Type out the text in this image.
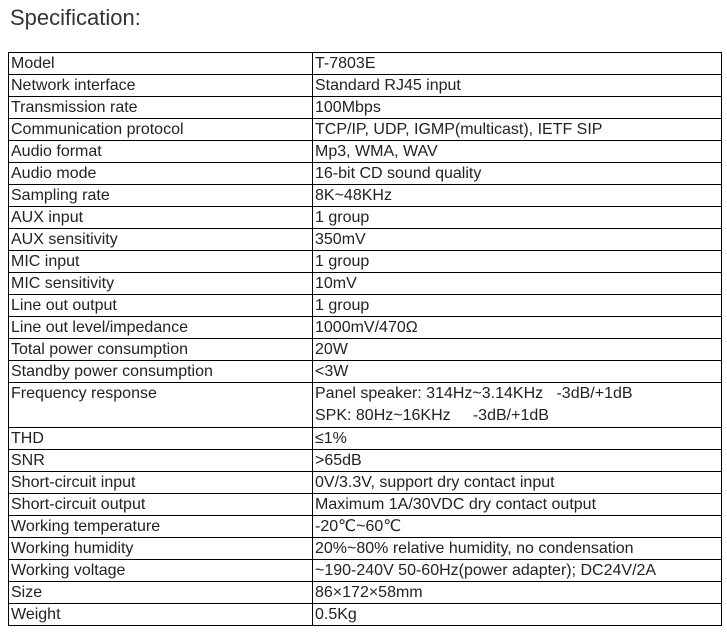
Specification:
Model	T-7803E
Network interface	Standard RJ45 input
Transmission rate	100Mbps
Communication protocol	TCP/IP, UDP, IGMP(multicast), IETF SIP
Audio format	Mp3, WMA, WAV
Audio mode	16-bit CD sound quality
Sampling rate	8K~48KHz
AUX input	1 group
AUX sensitivity	350mV
MIC input	1 group
MIC sensitivity	10mV
Line out output	1 group
Line out level/impedance	1000mV/470Ω
Total power consumption	20W
Standby power consumption	<3W
Frequency response	Panel speaker: 314Hz~3.14KHz   -3dB/+1dB
SPK: 80Hz~16KHz     -3dB/+1dB

THD	≤1%
SNR	>65dB
Short-circuit input	0V/3.3V, support dry contact input
Short-circuit output	Maximum 1A/30VDC dry contact output
Working temperature	-20℃~60℃
Working humidity	20%~80% relative humidity, no condensation
Working voltage	~190-240V 50-60Hz(power adapter); DC24V/2A
Size	86×172×58mm
Weight	0.5Kg
